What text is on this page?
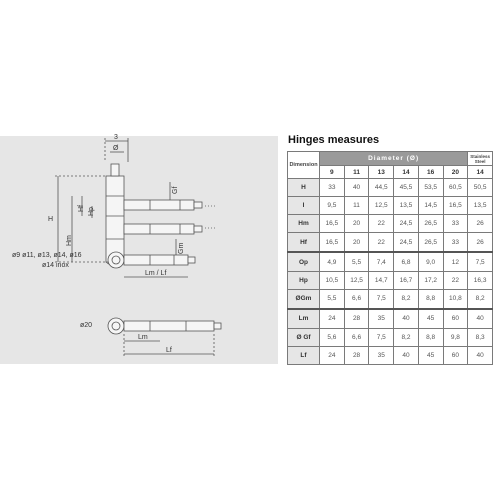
3
Ø
H
Hf Hp
Hm
Gf
Gm
ø9 ø11, ø13, ø14, ø16
ø14 inox
Lm / Lf
ø20
Lm
Lf
Hinges measures
Dimension	Diameter (Ø)						Stainless Steel
	9	11	13	14	16	20	14
H	33	40	44,5	45,5	53,5	60,5	50,5
I	9,5	11	12,5	13,5	14,5	16,5	13,5
Hm	16,5	20	22	24,5	26,5	33	26
Hf	16,5	20	22	24,5	26,5	33	26
Op	4,9	5,5	7,4	6,8	9,0	12	7,5
Hp	10,5	12,5	14,7	16,7	17,2	22	16,3
ØGm	5,5	6,6	7,5	8,2	8,8	10,8	8,2
Lm	24	28	35	40	45	60	40
Ø Gf	5,6	6,6	7,5	8,2	8,8	9,8	8,3
Lf	24	28	35	40	45	60	40
